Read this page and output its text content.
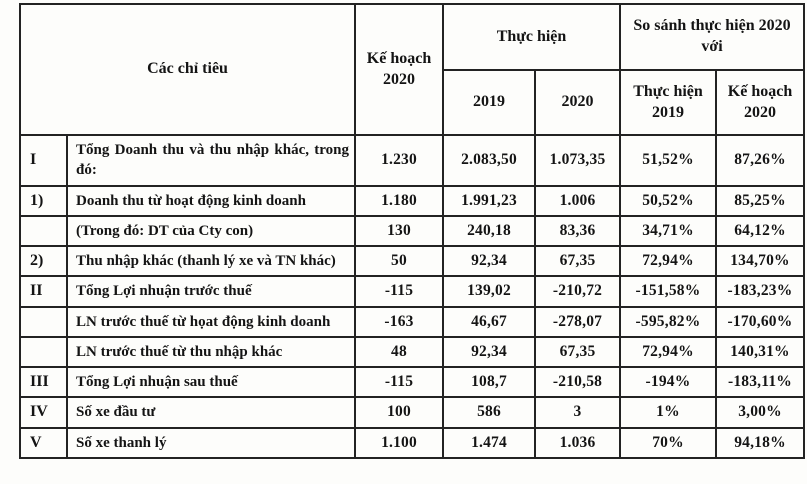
Các chỉ tiêu		Kế hoạch 2020	Thực hiện		So sánh thực hiện 2020 với	
			2019	2020	Thực hiện 2019	Kế hoạch 2020
I	Tổng Doanh thu và thu nhập khác, trong đó:	1.230	2.083,50	1.073,35	51,52%	87,26%
1)	Doanh thu từ hoạt động kinh doanh	1.180	1.991,23	1.006	50,52%	85,25%
	(Trong đó: DT của Cty con)	130	240,18	83,36	34,71%	64,12%
2)	Thu nhập khác (thanh lý xe và TN khác)	50	92,34	67,35	72,94%	134,70%
II	Tổng Lợi nhuận trước thuế	-115	139,02	-210,72	-151,58%	-183,23%
	LN trước thuế từ họat động kinh doanh	-163	46,67	-278,07	-595,82%	-170,60%
	LN trước thuế từ thu nhập khác	48	92,34	67,35	72,94%	140,31%
III	Tổng Lợi nhuận sau thuế	-115	108,7	-210,58	-194%	-183,11%
IV	Số xe đầu tư	100	586	3	1%	3,00%
V	Số xe thanh lý	1.100	1.474	1.036	70%	94,18%
